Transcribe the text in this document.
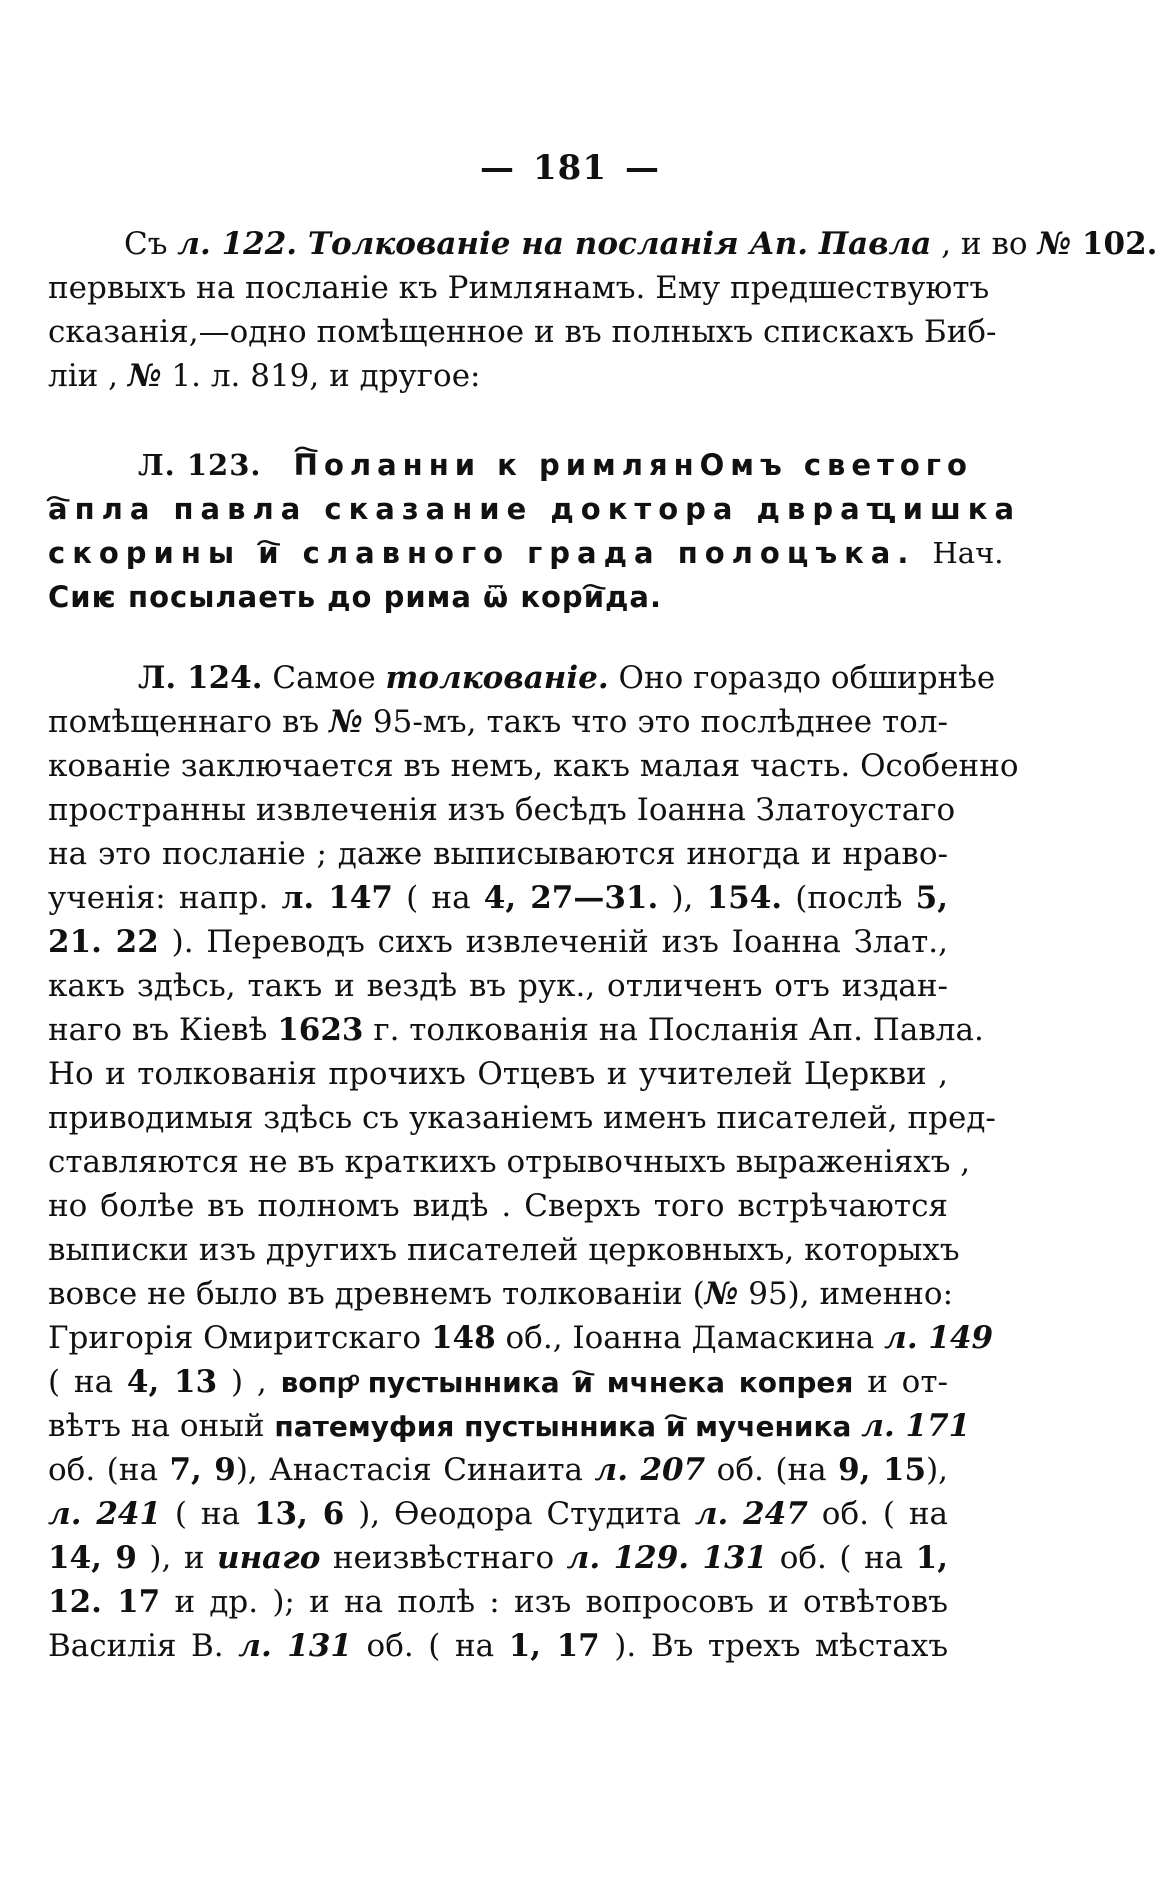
— 181 —
Съ л. 122. Толкованіе на посланія Ап. Павла , и во № 102.
первыхъ на посланіе къ Римлянамъ. Ему предшествуютъ
сказанія,—одно помѣщенное и въ полныхъ спискахъ Биб-
ліи , № 1. л. 819, и другое:
Л. 123. П҇оланни к римлянОмъ светого
а҇пла павла сказание доктора двраҵишка
скорины и҇ славного града полоцъка. Нач.
Сиѥ посылаеть до рима ѿ кори҇да.
Л. 124. Самое толкованіе. Оно гораздо обширнѣе
помѣщеннаго въ № 95-мъ, такъ что это послѣднее тол-
кованіе заключается въ немъ, какъ малая часть. Особенно
пространны извлеченія изъ бесѣдъ Іоанна Златоустаго
на это посланіе ; даже выписываются иногда и нраво-
ученія: напр. л. 147 ( на 4, 27—31. ), 154. (послѣ 5,
21. 22 ). Переводъ сихъ извлеченій изъ Іоанна Злат.,
какъ здѣсь, такъ и вездѣ въ рук., отличенъ отъ издан-
наго въ Кіевѣ 1623 г. толкованія на Посланія Ап. Павла.
Но и толкованія прочихъ Отцевъ и учителей Церкви ,
приводимыя здѣсь съ указаніемъ именъ писателей, пред-
ставляются не въ краткихъ отрывочныхъ выраженіяхъ ,
но болѣе въ полномъ видѣ . Сверхъ того встрѣчаются
выписки изъ другихъ писателей церковныхъ, которыхъ
вовсе не было въ древнемъ толкованіи (№ 95), именно:
Григорія Омиритскаго 148 об., Іоанна Дамаскина л. 149
( на 4, 13 ) , вопрͦ пустынника и҇ мчнека копрея и от-
вѣтъ на оный патемуфия пустынника и҇ мученика л. 171
об. (на 7, 9), Анастасія Синаита л. 207 об. (на 9, 15),
л. 241 ( на 13, 6 ), Ѳеодора Студита л. 247 об. ( на
14, 9 ), и инаго неизвѣстнаго л. 129. 131 об. ( на 1,
12. 17 и др. ); и на полѣ : изъ вопросовъ и отвѣтовъ
Василія В. л. 131 об. ( на 1, 17 ). Въ трехъ мѣстахъ
